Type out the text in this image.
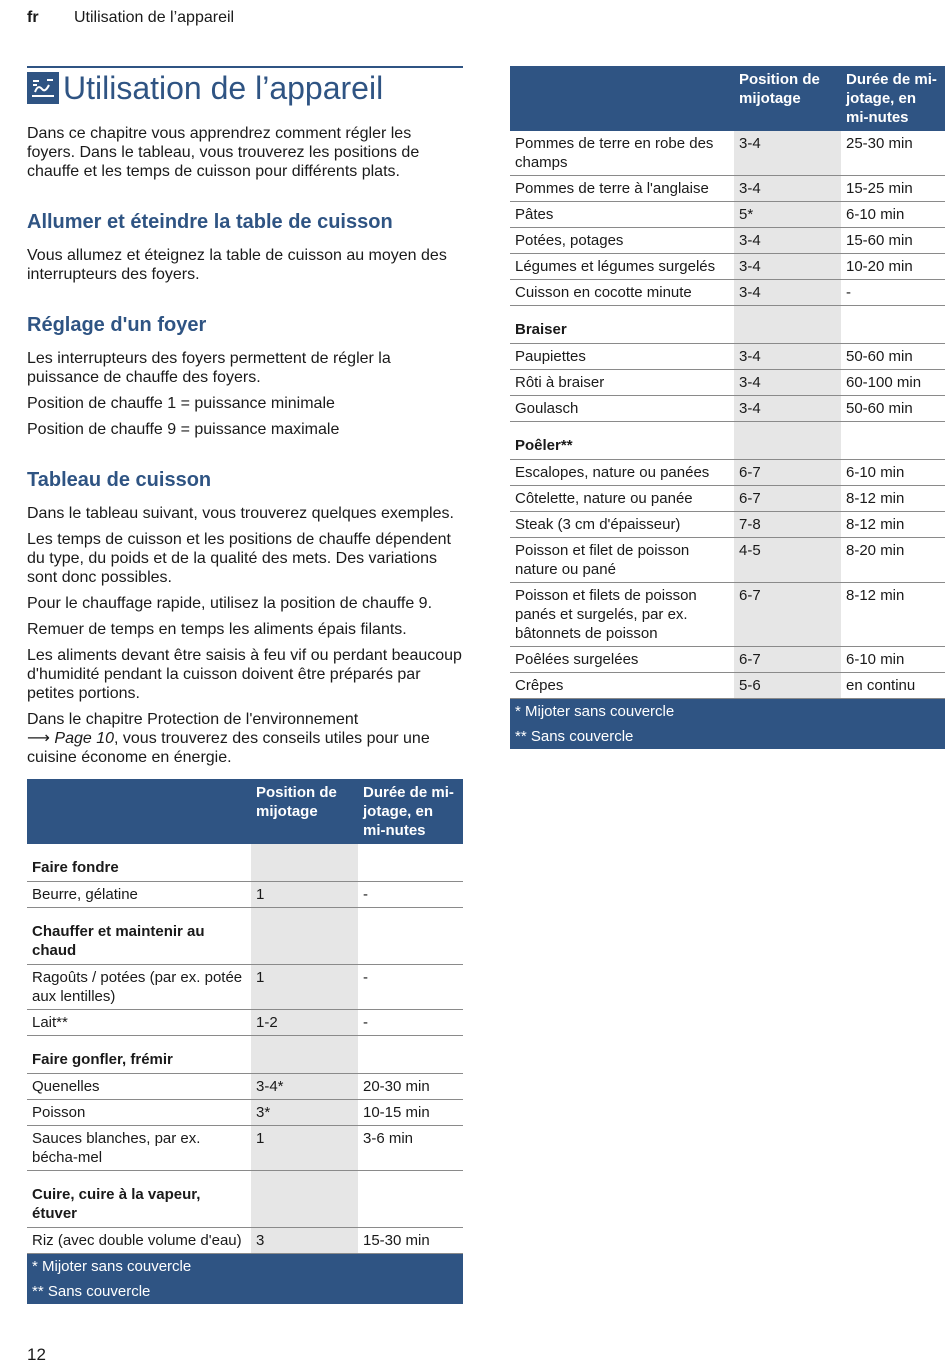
fr Utilisation de l’appareil
Utilisation de l’appareil

Dans ce chapitre vous apprendrez comment régler les foyers. Dans le tableau, vous trouverez les positions de chauffe et les temps de cuisson pour différents plats.

Allumer et éteindre la table de cuisson

Vous allumez et éteignez la table de cuisson au moyen des interrupteurs des foyers.

Réglage d'un foyer

Les interrupteurs des foyers permettent de régler la puissance de chauffe des foyers.

Position de chauffe 1 = puissance minimale

Position de chauffe 9 = puissance maximale

Tableau de cuisson

Dans le tableau suivant, vous trouverez quelques exemples.

Les temps de cuisson et les positions de chauffe dépendent du type, du poids et de la qualité des mets. Des variations sont donc possibles.

Pour le chauffage rapide, utilisez la position de chauffe 9.

Remuer de temps en temps les aliments épais filants.

Les aliments devant être saisis à feu vif ou perdant beaucoup d'humidité pendant la cuisson doivent être préparés par petites portions.

Dans le chapitre Protection de l'environnement
⟶ Page 10, vous trouverez des conseils utiles pour une cuisine économe en énergie.

	Position de mijotage	Durée de mi-jotage, en mi-nutes
Faire fondre		
Beurre, gélatine	1	-
Chauffer et maintenir au chaud		
Ragoûts / potées (par ex. potée aux lentilles)	1	-
Lait**	1-2	-
Faire gonfler, frémir		
Quenelles	3-4*	20-30 min
Poisson	3*	10-15 min
Sauces blanches, par ex. bécha-mel	1	3-6 min
Cuire, cuire à la vapeur, étuver		
Riz (avec double volume d'eau)	3	15-30 min
* Mijoter sans couvercle		
** Sans couvercle		
	Position de mijotage	Durée de mi-jotage, en mi-nutes
Pommes de terre en robe des champs	3-4	25-30 min
Pommes de terre à l'anglaise	3-4	15-25 min
Pâtes	5*	6-10 min
Potées, potages	3-4	15-60 min
Légumes et légumes surgelés	3-4	10-20 min
Cuisson en cocotte minute	3-4	-
Braiser		
Paupiettes	3-4	50-60 min
Rôti à braiser	3-4	60-100 min
Goulasch	3-4	50-60 min
Poêler**		
Escalopes, nature ou panées	6-7	6-10 min
Côtelette, nature ou panée	6-7	8-12 min
Steak (3 cm d'épaisseur)	7-8	8-12 min
Poisson et filet de poisson nature ou pané	4-5	8-20 min
Poisson et filets de poisson panés et surgelés, par ex. bâtonnets de poisson	6-7	8-12 min
Poêlées surgelées	6-7	6-10 min
Crêpes	5-6	en continu
* Mijoter sans couvercle		
** Sans couvercle		
12
